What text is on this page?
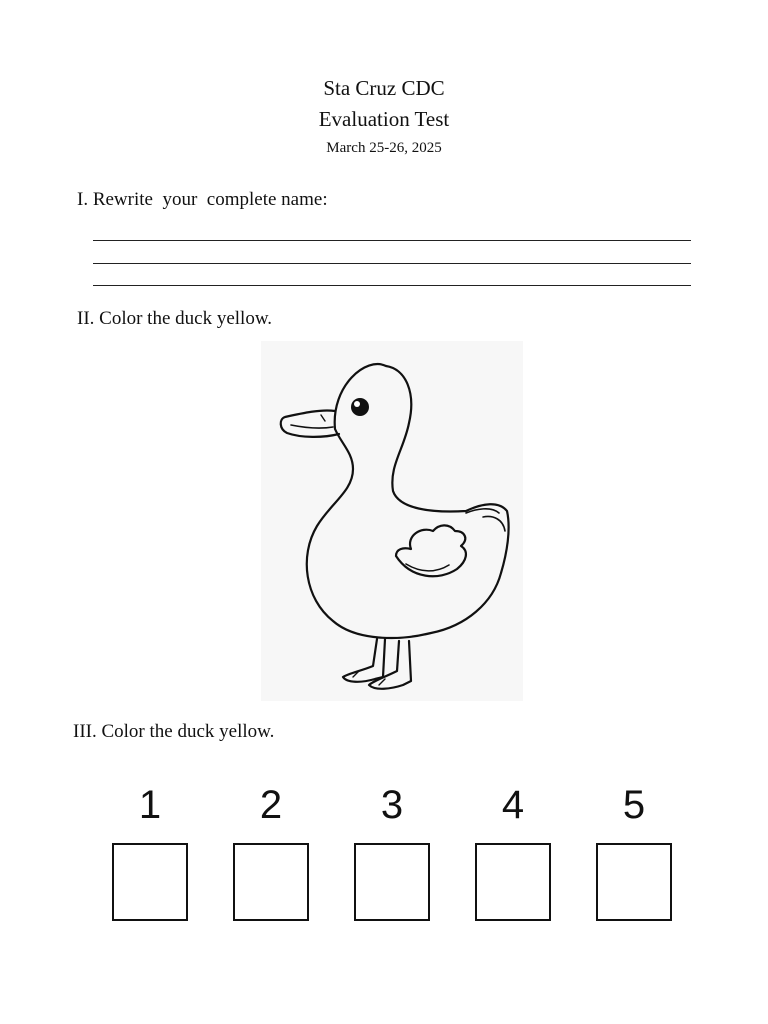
Sta Cruz CDC
Evaluation Test
March 25-26, 2025
I. Rewrite  your  complete name:
II. Color the duck yellow.
III. Color the duck yellow.
1	2	3	4	5
